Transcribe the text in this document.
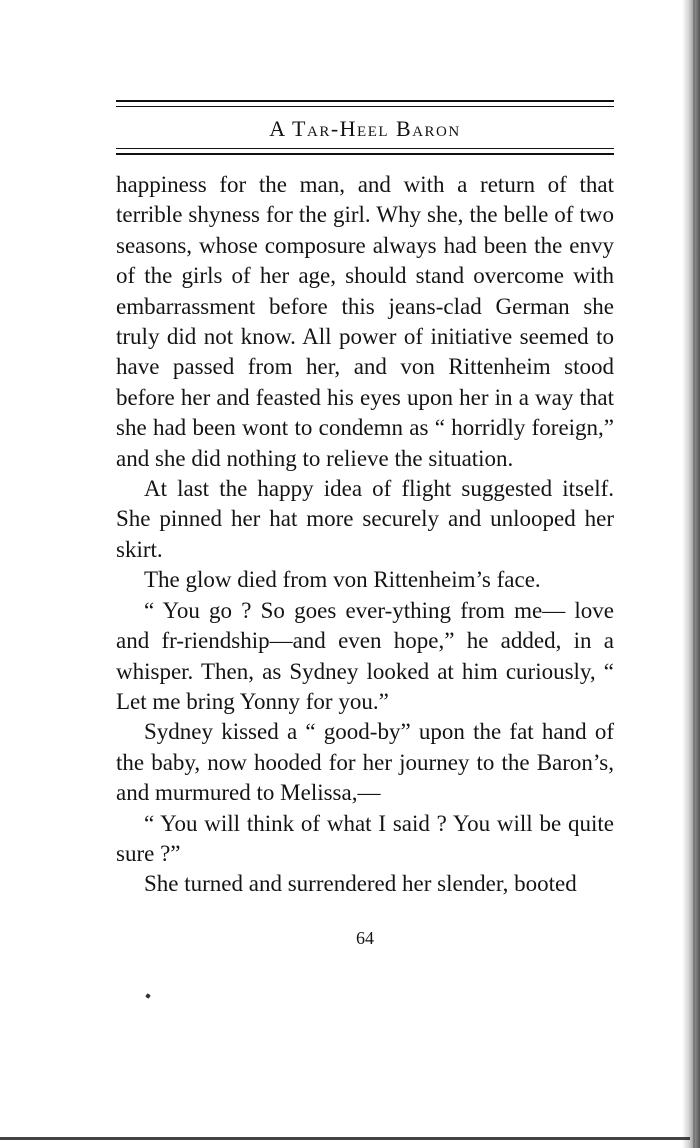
A Tar-Heel Baron

happiness for the man, and with a return of that terrible shyness for the girl. Why she, the belle of two seasons, whose composure always had been the envy of the girls of her age, should stand overcome with embarrassment before this jeans-clad German she truly did not know. All power of initiative seemed to have passed from her, and von Rittenheim stood before her and feasted his eyes upon her in a way that she had been wont to condemn as “ horridly foreign,” and she did nothing to relieve the situation.

At last the happy idea of flight suggested itself. She pinned her hat more securely and unlooped her skirt.

The glow died from von Rittenheim’s face.

“ You go ? So goes ever-ything from me— love and fr-riendship—and even hope,” he added, in a whisper. Then, as Sydney looked at him curiously, “ Let me bring Yonny for you.”

Sydney kissed a “ good-by” upon the fat hand of the baby, now hooded for her journey to the Baron’s, and murmured to Melissa,—

“ You will think of what I said ? You will be quite sure ?”

She turned and surrendered her slender, booted

64
